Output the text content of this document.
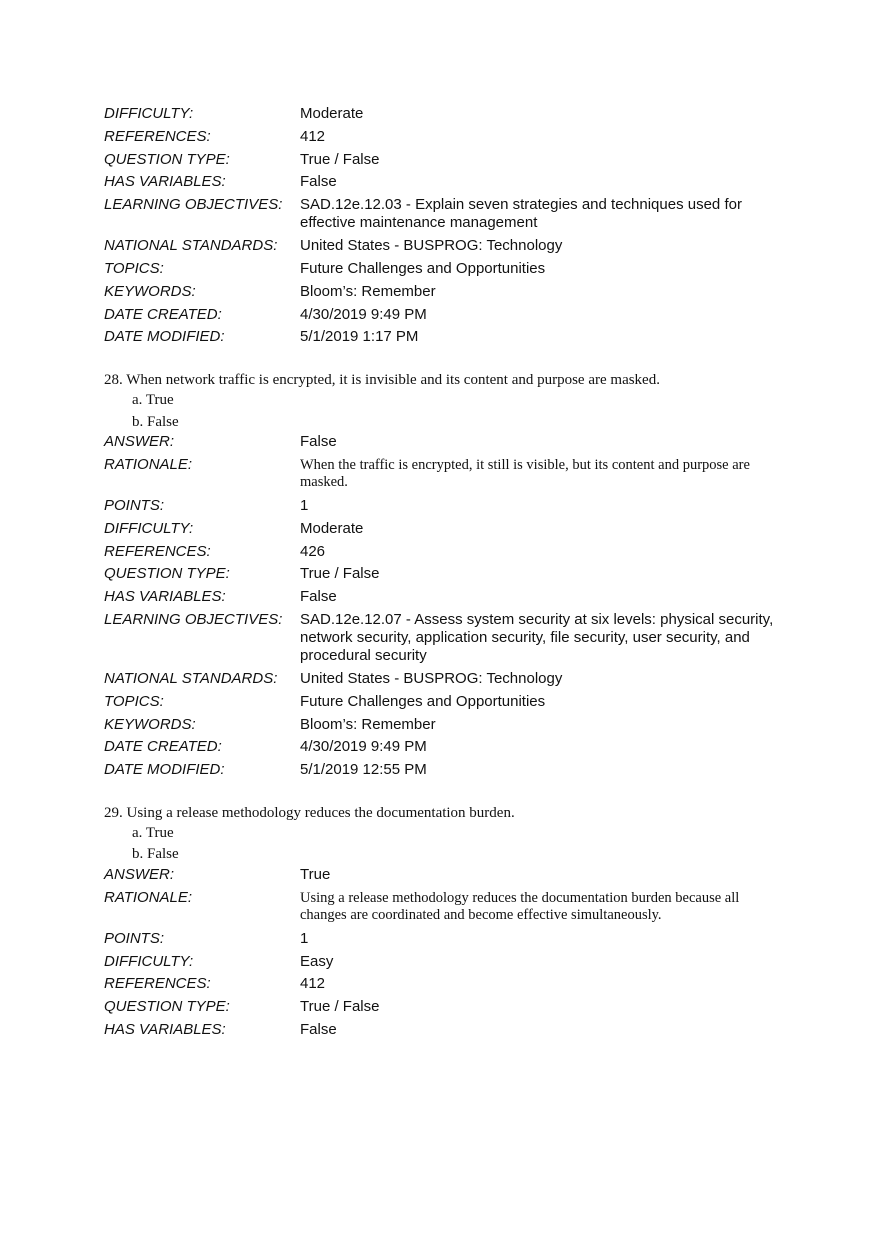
DIFFICULTY:	Moderate
REFERENCES:	412
QUESTION TYPE:	True / False
HAS VARIABLES:	False
LEARNING OBJECTIVES:	SAD.12e.12.03 - Explain seven strategies and techniques used for effective maintenance management
NATIONAL STANDARDS:	United States - BUSPROG: Technology
TOPICS:	Future Challenges and Opportunities
KEYWORDS:	Bloom’s: Remember
DATE CREATED:	4/30/2019 9:49 PM
DATE MODIFIED:	5/1/2019 1:17 PM
28. When network traffic is encrypted, it is invisible and its content and purpose are masked.
a. True
b. False
ANSWER:	False
RATIONALE:	When the traffic is encrypted, it still is visible, but its content and purpose are masked.
POINTS:	1
DIFFICULTY:	Moderate
REFERENCES:	426
QUESTION TYPE:	True / False
HAS VARIABLES:	False
LEARNING OBJECTIVES:	SAD.12e.12.07 - Assess system security at six levels: physical security, network security, application security, file security, user security, and procedural security
NATIONAL STANDARDS:	United States - BUSPROG: Technology
TOPICS:	Future Challenges and Opportunities
KEYWORDS:	Bloom’s: Remember
DATE CREATED:	4/30/2019 9:49 PM
DATE MODIFIED:	5/1/2019 12:55 PM
29. Using a release methodology reduces the documentation burden.
a. True
b. False
ANSWER:	True
RATIONALE:	Using a release methodology reduces the documentation burden because all changes are coordinated and become effective simultaneously.
POINTS:	1
DIFFICULTY:	Easy
REFERENCES:	412
QUESTION TYPE:	True / False
HAS VARIABLES:	False
